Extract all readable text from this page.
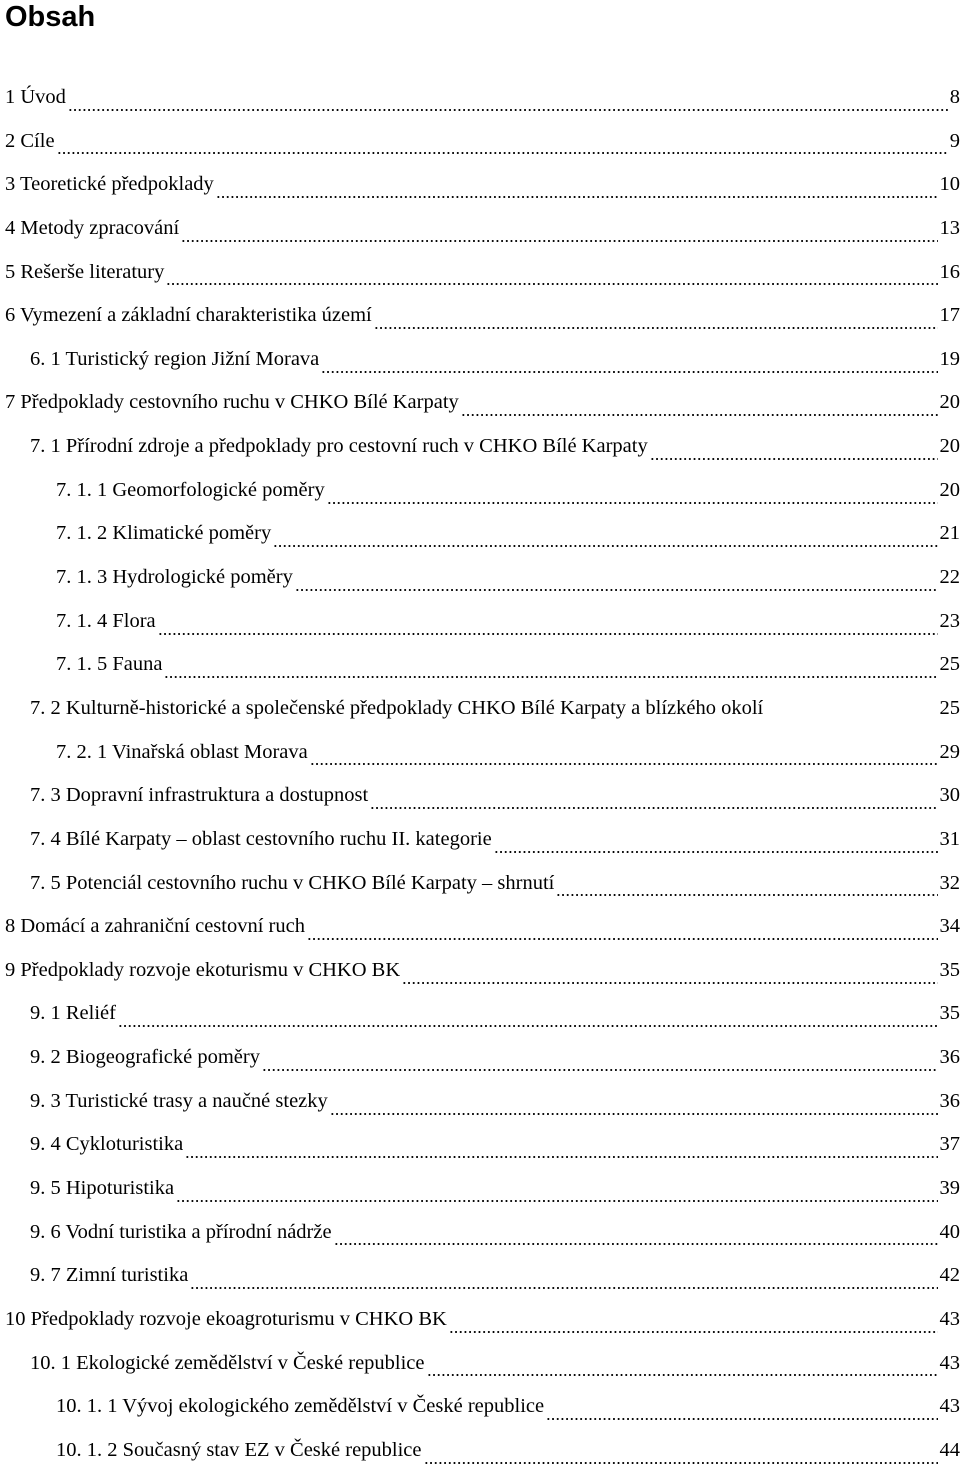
Obsah
1 Úvod	8
2 Cíle	9
3 Teoretické předpoklady	10
4 Metody zpracování	13
5 Rešerše literatury	16
6 Vymezení a základní charakteristika území	17
6. 1 Turistický region Jižní Morava	19
7 Předpoklady cestovního ruchu v CHKO Bílé Karpaty	20
7. 1 Přírodní zdroje a předpoklady pro cestovní ruch v CHKO Bílé Karpaty	20
7. 1. 1 Geomorfologické poměry	20
7. 1. 2 Klimatické poměry	21
7. 1. 3 Hydrologické poměry	22
7. 1. 4 Flora	23
7. 1. 5 Fauna	25
7. 2 Kulturně-historické a společenské předpoklady CHKO Bílé Karpaty a blízkého okolí	25
7. 2. 1 Vinařská oblast Morava	29
7. 3 Dopravní infrastruktura a dostupnost	30
7. 4 Bílé Karpaty – oblast cestovního ruchu II. kategorie	31
7. 5 Potenciál cestovního ruchu v CHKO Bílé Karpaty – shrnutí	32
8 Domácí a zahraniční cestovní ruch	34
9 Předpoklady rozvoje ekoturismu v CHKO BK	35
9. 1 Reliéf	35
9. 2 Biogeografické poměry	36
9. 3 Turistické trasy a naučné stezky	36
9. 4 Cykloturistika	37
9. 5 Hipoturistika	39
9. 6 Vodní turistika a přírodní nádrže	40
9. 7 Zimní turistika	42
10 Předpoklady rozvoje ekoagroturismu v CHKO BK	43
10. 1 Ekologické zemědělství v České republice	43
10. 1. 1 Vývoj ekologického zemědělství v České republice	43
10. 1. 2 Současný stav EZ v České republice	44
